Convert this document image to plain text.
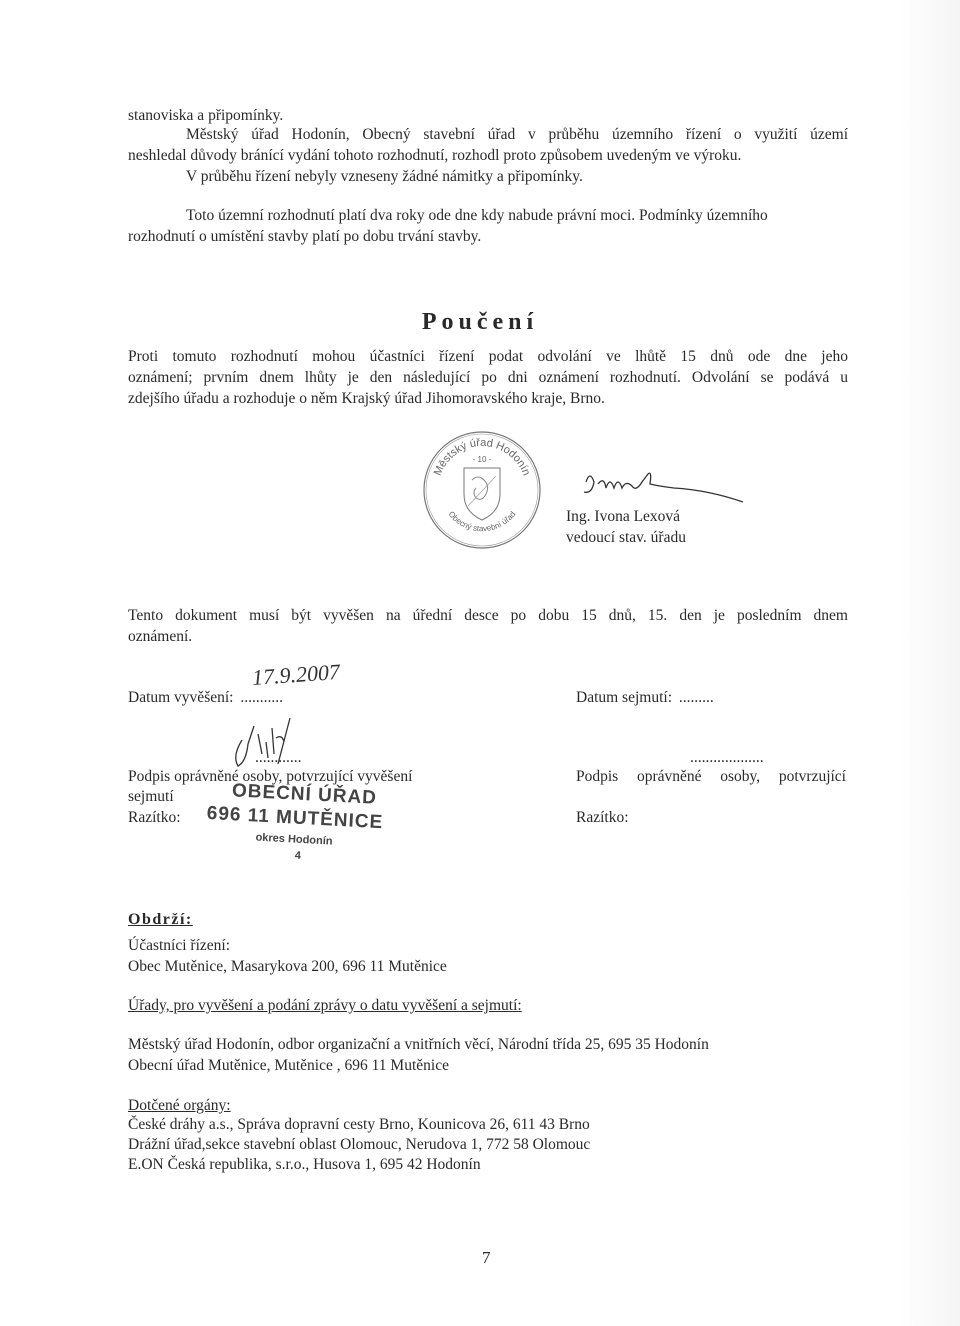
stanoviska a připomínky.
Městský úřad Hodonín, Obecný stavební úřad v průběhu územního řízení o využití území
neshledal důvody bránící vydání tohoto rozhodnutí, rozhodl proto způsobem uvedeným ve výroku.
V průběhu řízení nebyly vzneseny žádné námitky a připomínky.
Toto územní rozhodnutí platí dva roky ode dne kdy nabude právní moci. Podmínky územního
rozhodnutí o umístění stavby platí po dobu trvání stavby.
Poučení
Proti tomuto rozhodnutí mohou účastníci řízení podat odvolání ve lhůtě 15 dnů ode dne jeho
oznámení; prvním dnem lhůty je den následující po dni oznámení rozhodnutí. Odvolání se podává u
zdejšího úřadu a rozhoduje o něm Krajský úřad Jihomoravského kraje, Brno.
Městský úřad Hodonín
Obecný stavební úřad
- 10 -
Ing. Ivona Lexová
vedoucí stav. úřadu
Tento dokument musí být vyvěšen na úřední desce po dobu 15 dnů, 15. den je posledním dnem
oznámení.
Datum vyvěšení: ...........
17.9.2007
Datum sejmutí: .........
............	...................
Podpis oprávněné osoby, potvrzující vyvěšení
sejmutí
Razítko:
Podpis oprávněné osoby, potvrzující
Razítko:
OBECNÍ ÚŘAD
696 11 MUTĚNICE
okres Hodonín
4
Obdrží:
Účastníci řízení:
Obec Mutěnice, Masarykova 200, 696 11 Mutěnice
Úřady, pro vyvěšení a podání zprávy o datu vyvěšení a sejmutí:
Městský úřad Hodonín, odbor organizační a vnitřních věcí, Národní třída 25, 695 35 Hodonín
Obecní úřad Mutěnice, Mutěnice , 696 11 Mutěnice
Dotčené orgány:
České dráhy a.s., Správa dopravní cesty Brno, Kounicova 26, 611 43 Brno
Drážní úřad,sekce stavební oblast Olomouc, Nerudova 1, 772 58 Olomouc
E.ON Česká republika, s.r.o., Husova 1, 695 42 Hodonín
7
